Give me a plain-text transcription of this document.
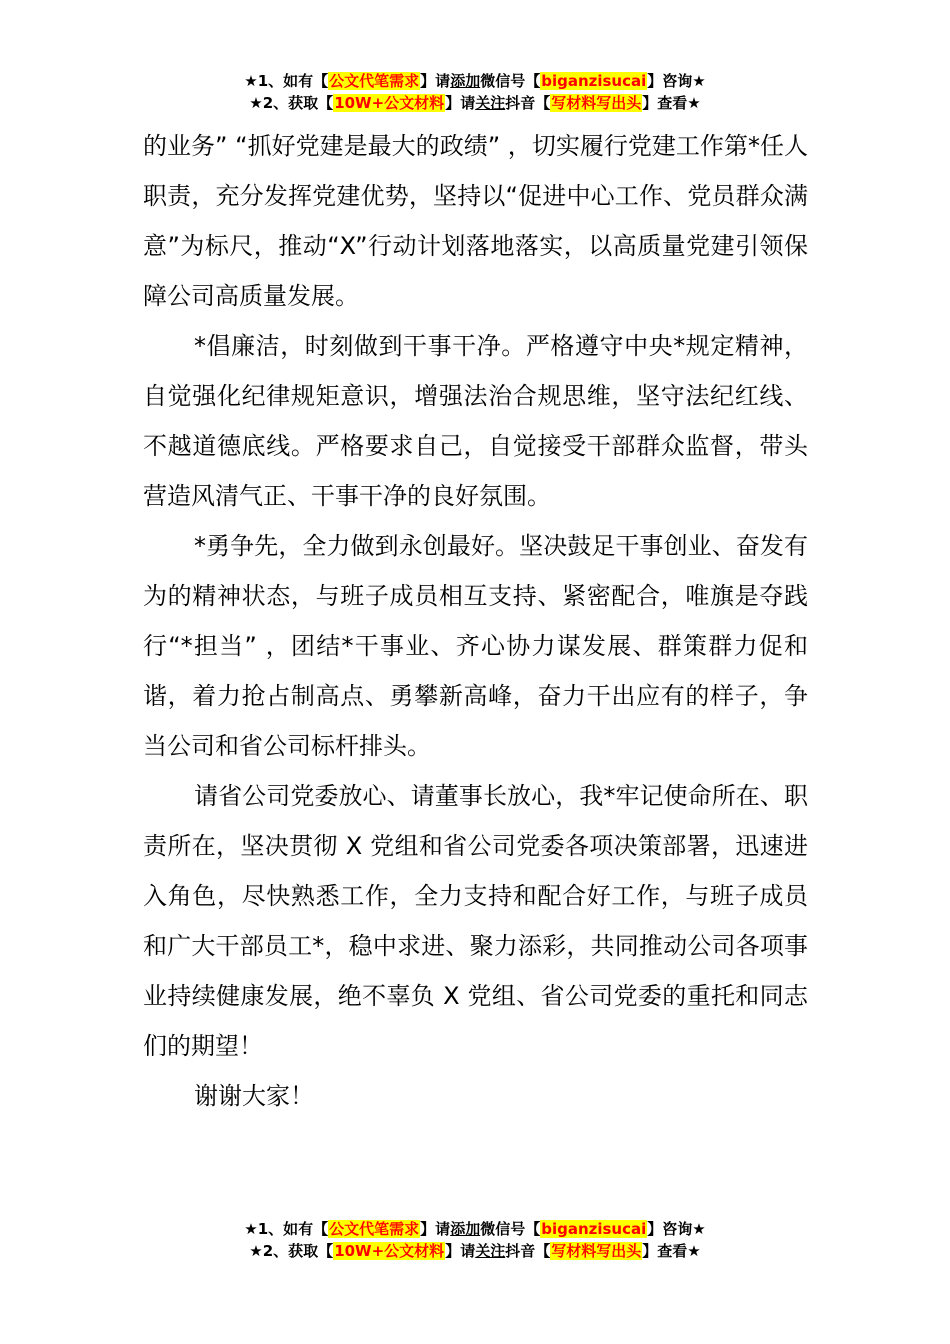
★1、如有【公文代笔需求】请添加微信号【biganzisucai】咨询★
★2、获取【10W+公文材料】请关注抖音【写材料写出头】查看★

的业务” “抓好党建是最大的政绩” ，切实履行党建工作第*任人职责，充分发挥党建优势，坚持以“促进中心工作、党员群众满意”为标尺，推动“X”行动计划落地落实，以高质量党建引领保障公司高质量发展。

*倡廉洁，时刻做到干事干净。严格遵守中央*规定精神，自觉强化纪律规矩意识，增强法治合规思维，坚守法纪红线、不越道德底线。严格要求自己，自觉接受干部群众监督，带头营造风清气正、干事干净的良好氛围。

*勇争先，全力做到永创最好。坚决鼓足干事创业、奋发有为的精神状态，与班子成员相互支持、紧密配合，唯旗是夺践行“*担当” ，团结*干事业、齐心协力谋发展、群策群力促和谐，着力抢占制高点、勇攀新高峰，奋力干出应有的样子，争当公司和省公司标杆排头。

请省公司党委放心、请董事长放心，我*牢记使命所在、职责所在，坚决贯彻 X 党组和省公司党委各项决策部署，迅速进入角色，尽快熟悉工作，全力支持和配合好工作，与班子成员和广大干部员工*，稳中求进、聚力添彩，共同推动公司各项事业持续健康发展，绝不辜负 X 党组、省公司党委的重托和同志们的期望！

谢谢大家！

★1、如有【公文代笔需求】请添加微信号【biganzisucai】咨询★
★2、获取【10W+公文材料】请关注抖音【写材料写出头】查看★
